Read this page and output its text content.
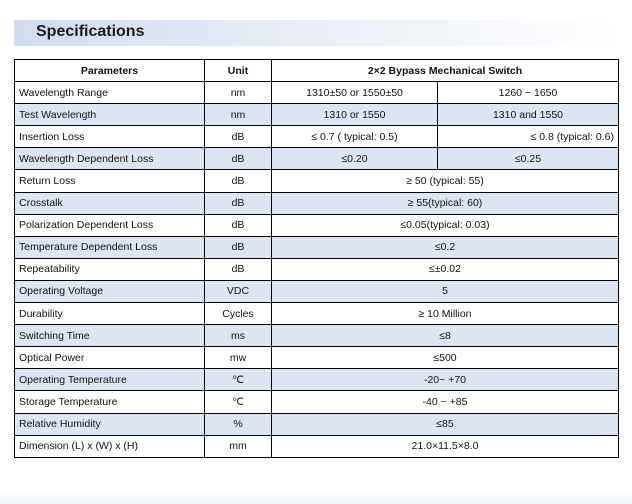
Specifications
Parameters	Unit	2×2 Bypass Mechanical Switch	
Wavelength Range	nm	1310±50 or 1550±50	1260 ~ 1650
Test Wavelength	nm	1310 or 1550	1310 and 1550
Insertion Loss	dB	≤ 0.7 ( typical: 0.5)	≤ 0.8 (typical: 0.6)
Wavelength Dependent Loss	dB	≤0.20	≤0.25
Return Loss	dB	≥ 50 (typical: 55)	
Crosstalk	dB	≥ 55(typical: 60)	
Polarization Dependent Loss	dB	≤0.05(typical: 0.03)	
Temperature Dependent Loss	dB	≤0.2	
Repeatability	dB	≤±0.02	
Operating Voltage	VDC	5	
Durability	Cycles	≥ 10 Million	
Switching Time	ms	≤8	
Optical Power	mw	≤500	
Operating Temperature	℃	-20~ +70	
Storage Temperature	℃	-40 ~ +85	
Relative Humidity	%	≤85	
Dimension (L) x (W) x (H)	mm	21.0×11.5×8.0	
